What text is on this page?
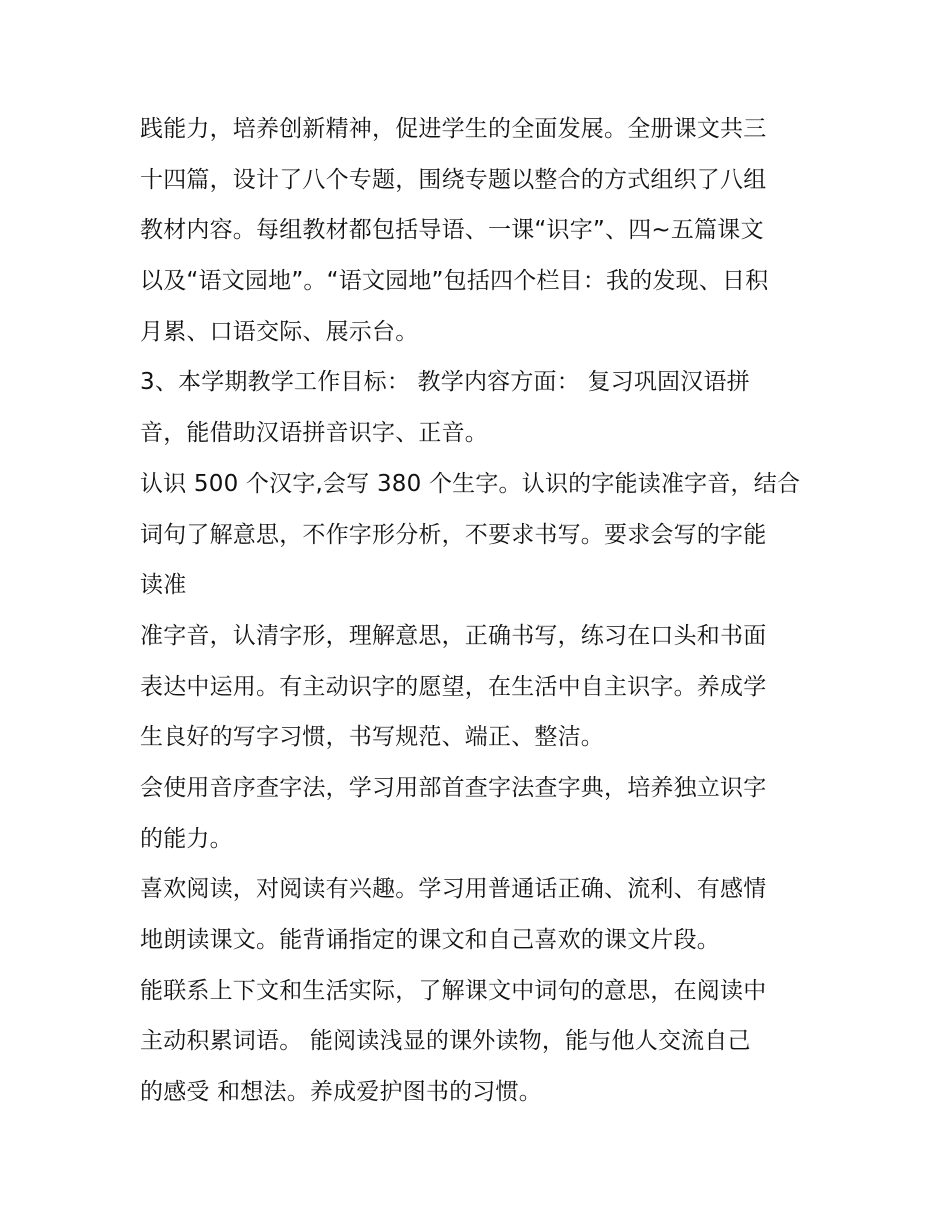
践能力，培养创新精神，促进学生的全面发展。全册课文共三
十四篇，设计了八个专题，围绕专题以整合的方式组织了八组
教材内容。每组教材都包括导语、一课“识字”、四~五篇课文
以及“语文园地”。“语文园地”包括四个栏目：我的发现、日积
月累、口语交际、展示台。
3、本学期教学工作目标： 教学内容方面： 复习巩固汉语拼
音，能借助汉语拼音识字、正音。
认识 500 个汉字,会写 380 个生字。认识的字能读准字音，结合
词句了解意思，不作字形分析，不要求书写。要求会写的字能
读准
准字音，认清字形，理解意思，正确书写，练习在口头和书面
表达中运用。有主动识字的愿望，在生活中自主识字。养成学
生良好的写字习惯，书写规范、端正、整洁。
会使用音序查字法，学习用部首查字法查字典，培养独立识字
的能力。
喜欢阅读，对阅读有兴趣。学习用普通话正确、流利、有感情
地朗读课文。能背诵指定的课文和自己喜欢的课文片段。
能联系上下文和生活实际，了解课文中词句的意思，在阅读中
主动积累词语。 能阅读浅显的课外读物，能与他人交流自己
的感受 和想法。养成爱护图书的习惯。
